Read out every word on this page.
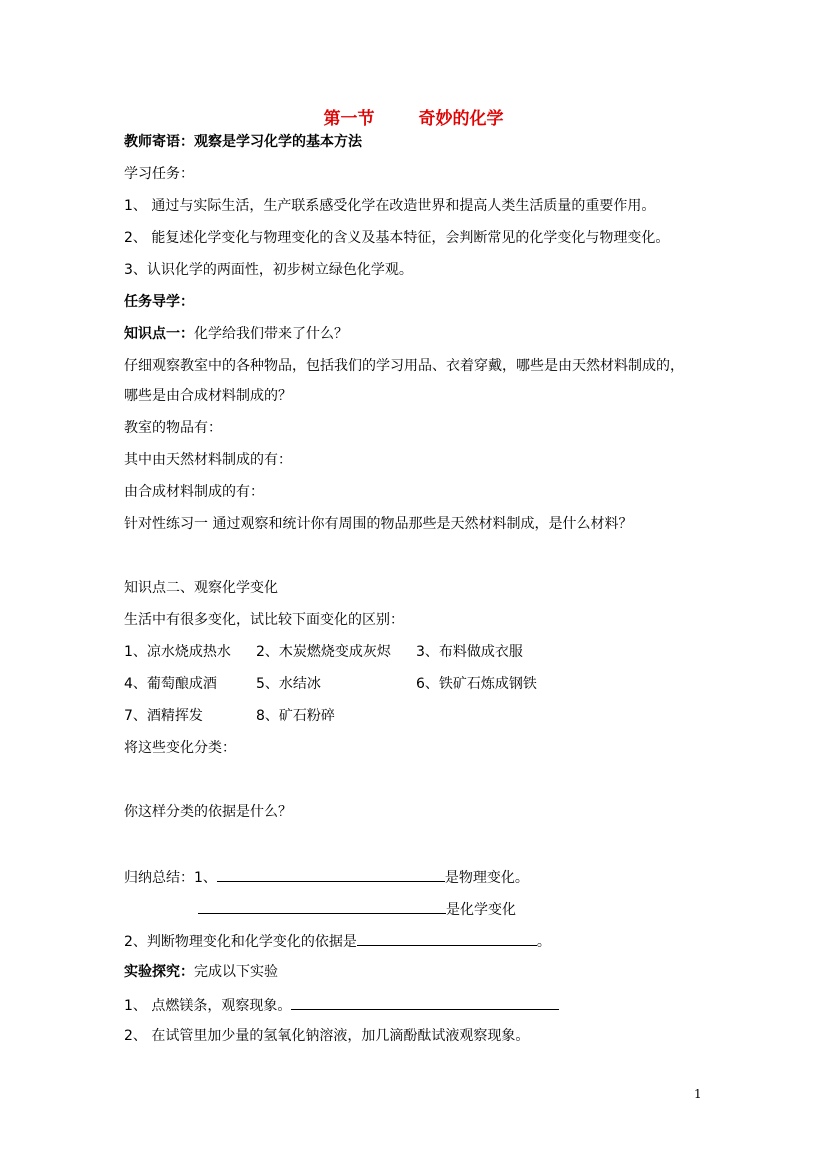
第一节	奇妙的化学
教师寄语：观察是学习化学的基本方法
学习任务：
1、 通过与实际生活，生产联系感受化学在改造世界和提高人类生活质量的重要作用。
2、 能复述化学变化与物理变化的含义及基本特征，会判断常见的化学变化与物理变化。
3、认识化学的两面性，初步树立绿色化学观。
任务导学：
知识点一：化学给我们带来了什么？
仔细观察教室中的各种物品，包括我们的学习用品、衣着穿戴，哪些是由天然材料制成的，
哪些是由合成材料制成的？
教室的物品有：
其中由天然材料制成的有：
由合成材料制成的有：
针对性练习一 通过观察和统计你有周围的物品那些是天然材料制成，是什么材料？
知识点二、观察化学变化
生活中有很多变化，试比较下面变化的区别：
1、凉水烧成热水 2、木炭燃烧变成灰烬 3、布料做成衣服
4、葡萄酿成酒	5、水结冰	6、铁矿石炼成钢铁
7、酒精挥发	8、矿石粉碎
将这些变化分类：
你这样分类的依据是什么？
归纳总结：1、	是物理变化。
是化学变化
2、判断物理变化和化学变化的依据是	。
实验探究：完成以下实验
1、 点燃镁条，观察现象。
2、 在试管里加少量的氢氧化钠溶液，加几滴酚酞试液观察现象。
1
